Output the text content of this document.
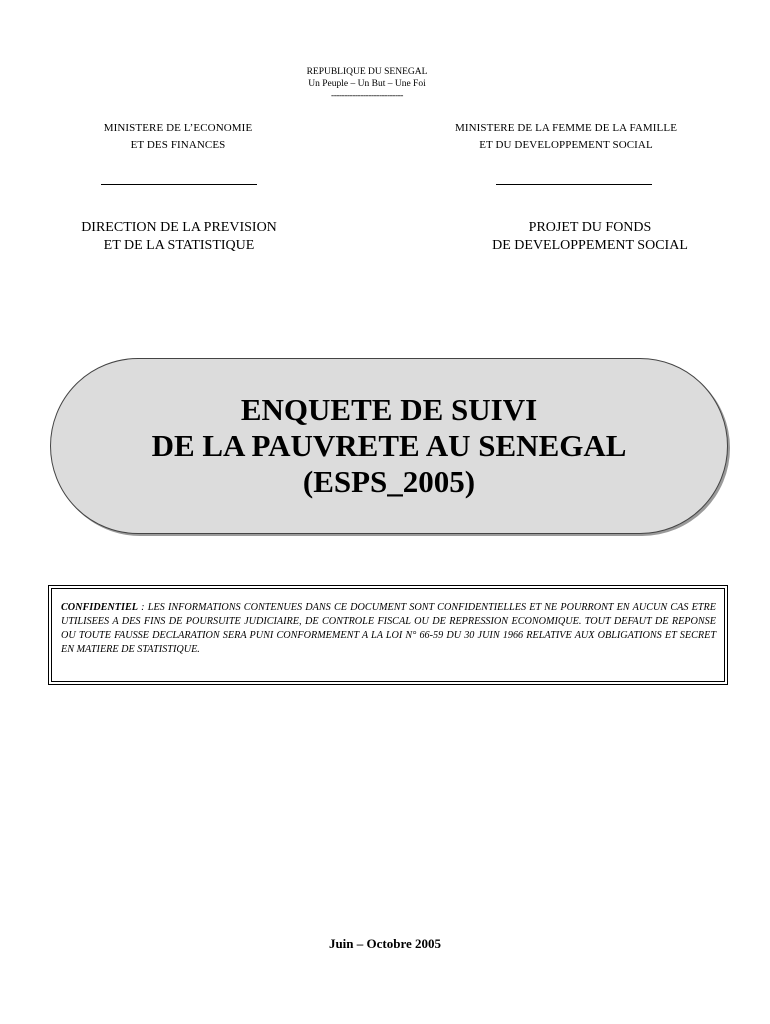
REPUBLIQUE DU SENEGAL
Un Peuple – Un But – Une Foi
---------------------------
MINISTERE DE L’ECONOMIE
ET DES FINANCES
MINISTERE DE LA FEMME DE LA FAMILLE
ET DU DEVELOPPEMENT SOCIAL
DIRECTION DE LA PREVISION
ET DE LA STATISTIQUE
PROJET DU FONDS
DE DEVELOPPEMENT SOCIAL
ENQUETE DE SUIVI
DE LA PAUVRETE AU SENEGAL
(ESPS_2005)
CONFIDENTIEL : LES INFORMATIONS CONTENUES DANS CE DOCUMENT SONT CONFIDENTIELLES ET NE POURRONT EN AUCUN CAS ETRE UTILISEES A DES FINS DE POURSUITE JUDICIAIRE, DE CONTROLE FISCAL OU DE REPRESSION ECONOMIQUE. TOUT DEFAUT DE REPONSE OU TOUTE FAUSSE DECLARATION SERA PUNI CONFORMEMENT A LA LOI N° 66-59 DU 30 JUIN 1966 RELATIVE AUX OBLIGATIONS ET SECRET EN MATIERE DE STATISTIQUE.
Juin – Octobre 2005
